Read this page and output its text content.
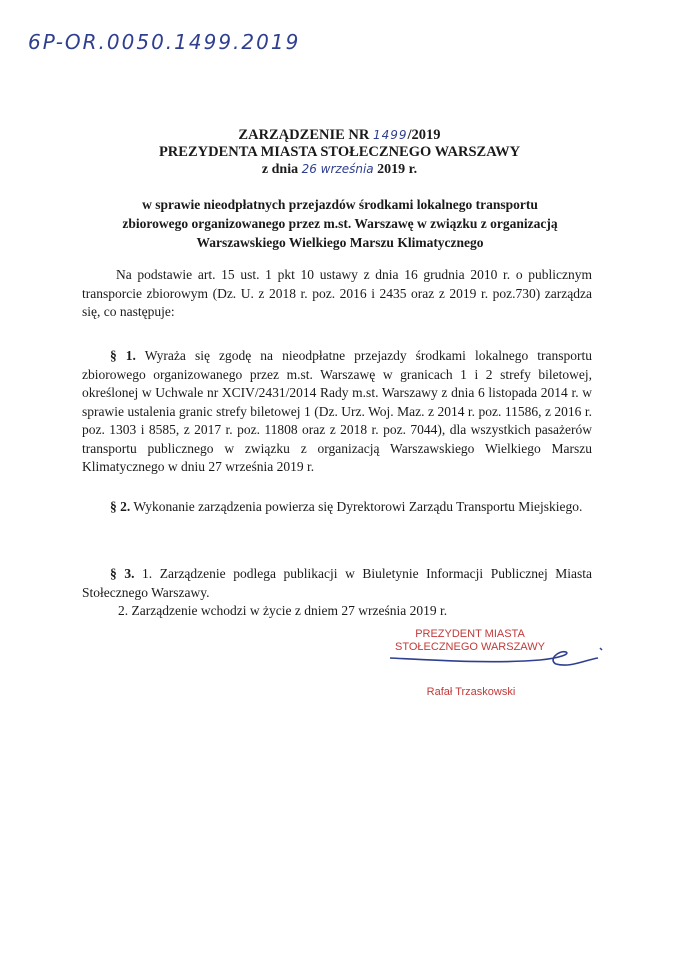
6P-OR.0050.1499.2019
ZARZĄDZENIE NR 1499/2019
PREZYDENTA MIASTA STOŁECZNEGO WARSZAWY
z dnia 26 września 2019 r.
w sprawie nieodpłatnych przejazdów środkami lokalnego transportu zbiorowego organizowanego przez m.st. Warszawę w związku z organizacją Warszawskiego Wielkiego Marszu Klimatycznego
Na podstawie art. 15 ust. 1 pkt 10 ustawy z dnia 16 grudnia 2010 r. o publicznym transporcie zbiorowym (Dz. U. z 2018 r. poz. 2016 i 2435 oraz z 2019 r. poz.730) zarządza się, co następuje:
§ 1. Wyraża się zgodę na nieodpłatne przejazdy środkami lokalnego transportu zbiorowego organizowanego przez m.st. Warszawę w granicach 1 i 2 strefy biletowej, określonej w Uchwale nr XCIV/2431/2014 Rady m.st. Warszawy z dnia 6 listopada 2014 r. w sprawie ustalenia granic strefy biletowej 1 (Dz. Urz. Woj. Maz. z 2014 r. poz. 11586, z 2016 r. poz. 1303 i 8585, z 2017 r. poz. 11808 oraz z 2018 r. poz. 7044), dla wszystkich pasażerów transportu publicznego w związku z organizacją Warszawskiego Wielkiego Marszu Klimatycznego w dniu 27 września 2019 r.
§ 2. Wykonanie zarządzenia powierza się Dyrektorowi Zarządu Transportu Miejskiego.
§ 3. 1. Zarządzenie podlega publikacji w Biuletynie Informacji Publicznej Miasta Stołecznego Warszawy.
2. Zarządzenie wchodzi w życie z dniem 27 września 2019 r.
PREZYDENT MIASTA
STOŁECZNEGO WARSZAWY
Rafał Trzaskowski
